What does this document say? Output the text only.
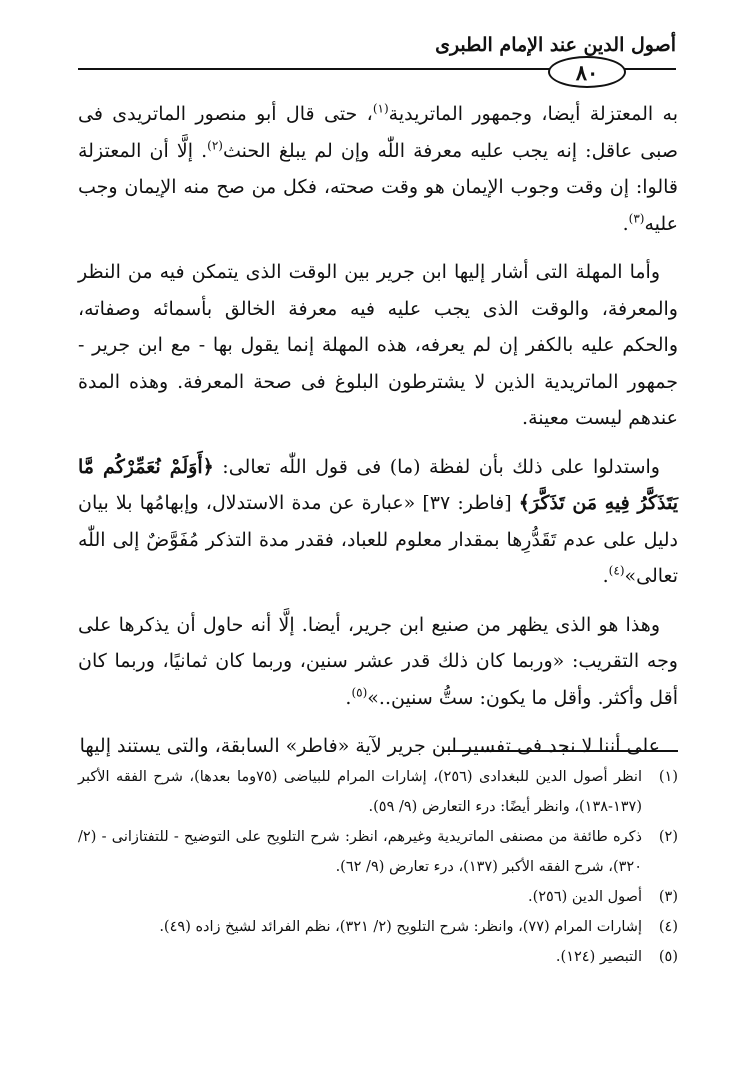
أصول الدين عند الإمام الطبرى
٨٠

به المعتزلة أيضا، وجمهور الماتريدية$^{(١)}$، حتى قال أبو منصور الماتريدى فى صبى عاقل: إنه يجب عليه معرفة اللّٰه وإن لم يبلغ الحنث$^{(٢)}$. إلَّا أن المعتزلة قالوا: إن وقت وجوب الإيمان هو وقت صحته، فكل من صح منه الإيمان وجب عليه$^{(٣)}$.

وأما المهلة التى أشار إليها ابن جرير بين الوقت الذى يتمكن فيه من النظر والمعرفة، والوقت الذى يجب عليه فيه معرفة الخالق بأسمائه وصفاته، والحكم عليه بالكفر إن لم يعرفه، هذه المهلة إنما يقول بها - مع ابن جرير - جمهور الماتريدية الذين لا يشترطون البلوغ فى صحة المعرفة. وهذه المدة عندهم ليست معينة.

واستدلوا على ذلك بأن لفظة (ما) فى قول اللّٰه تعالى: ﴿أَوَلَمْ نُعَمِّرْكُم مَّا يَتَذَكَّرُ فِيهِ مَن تَذَكَّرَ﴾ [فاطر: ٣٧] «عبارة عن مدة الاستدلال، وإبهامُها بلا بيان دليل على عدم تَقَدُّرِها بمقدار معلوم للعباد، فقدر مدة التذكر مُفَوَّضٌ إلى اللّٰه تعالى»$^{(٤)}$.

وهذا هو الذى يظهر من صنيع ابن جرير، أيضا. إلَّا أنه حاول أن يذكرها على وجه التقريب: «وربما كان ذلك قدر عشر سنين، وربما كان ثمانيًا، وربما كان أقل وأكثر. وأقل ما يكون: ستُّ سنين..»$^{(٥)}$.

على أننا لا نجد فى تفسير ابن جرير لآية «فاطر» السابقة، والتى يستند إليها

(١)
انظر أصول الدين للبغدادى (٢٥٦)، إشارات المرام للبياضى (٧٥وما بعدها)، شرح الفقه الأكبر (١٣٧-١٣٨)، وانظر أيضًا: درء التعارض (٩/ ٥٩).
(٢)
ذكره طائفة من مصنفى الماتريدية وغيرهم، انظر: شرح التلويح على التوضيح - للتفتازانى - (٢/ ٣٢٠)، شرح الفقه الأكبر (١٣٧)، درء تعارض (٩/ ٦٢).
(٣)
أصول الدين (٢٥٦).
(٤)
إشارات المرام (٧٧)، وانظر: شرح التلويح (٢/ ٣٢١)، نظم الفرائد لشيخ زاده (٤٩).
(٥)
التبصير (١٢٤).
